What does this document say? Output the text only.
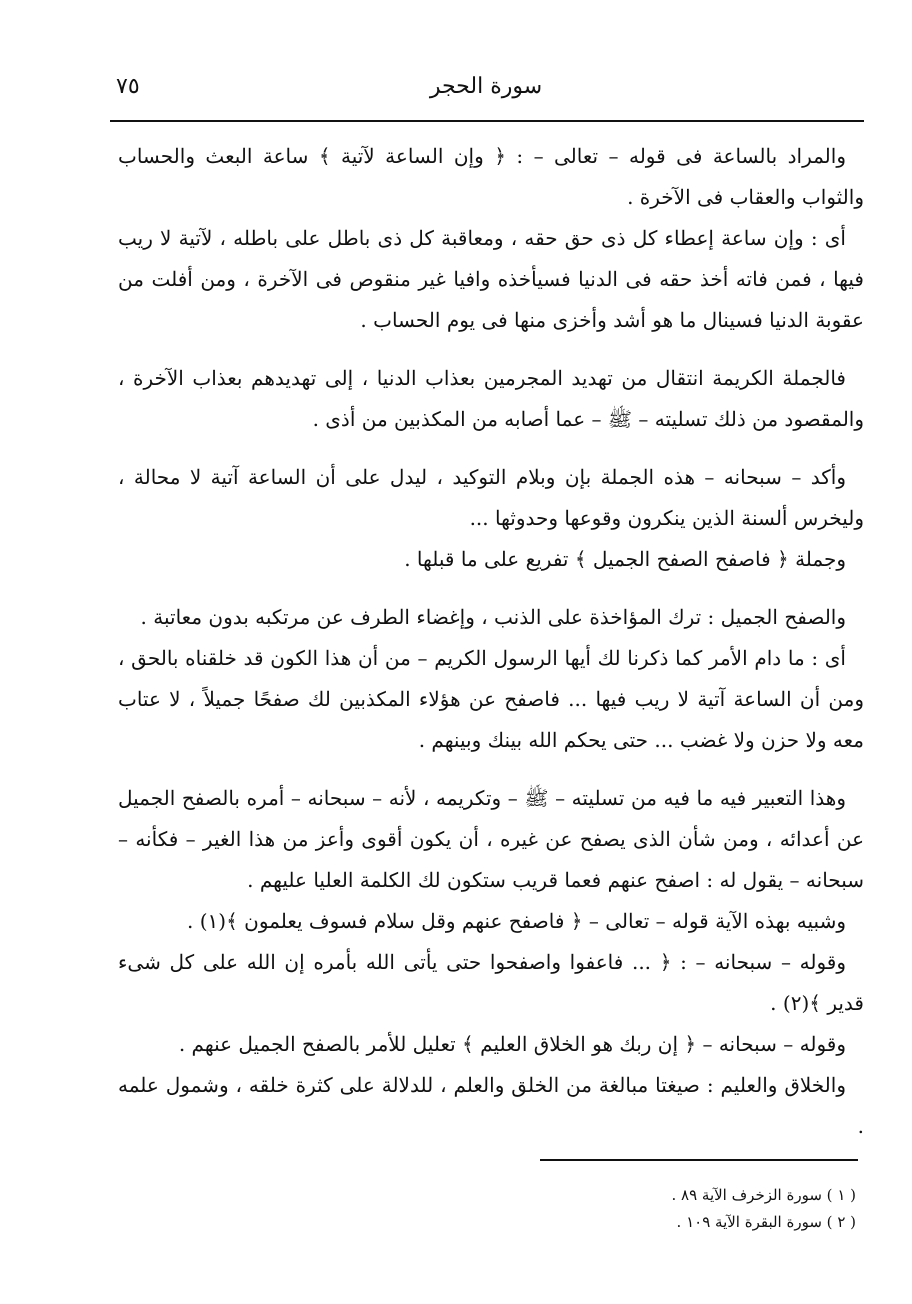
٧٥	سورة الحجر

والمراد بالساعة فى قوله – تعالى – : ﴿ وإن الساعة لآتية ﴾ ساعة البعث والحساب والثواب والعقاب فى الآخرة .

أى : وإن ساعة إعطاء كل ذى حق حقه ، ومعاقبة كل ذى باطل على باطله ، لآتية لا ريب فيها ، فمن فاته أخذ حقه فى الدنيا فسيأخذه وافيا غير منقوص فى الآخرة ، ومن أفلت من عقوبة الدنيا فسينال ما هو أشد وأخزى منها فى يوم الحساب .

فالجملة الكريمة انتقال من تهديد المجرمين بعذاب الدنيا ، إلى تهديدهم بعذاب الآخرة ، والمقصود من ذلك تسليته – ﷺ – عما أصابه من المكذبين من أذى .

وأكد – سبحانه – هذه الجملة بإن وبلام التوكيد ، ليدل على أن الساعة آتية لا محالة ، وليخرس ألسنة الذين ينكرون وقوعها وحدوثها ...

وجملة ﴿ فاصفح الصفح الجميل ﴾ تفريع على ما قبلها .

والصفح الجميل : ترك المؤاخذة على الذنب ، وإغضاء الطرف عن مرتكبه بدون معاتبة .

أى : ما دام الأمر كما ذكرنا لك أيها الرسول الكريم – من أن هذا الكون قد خلقناه بالحق ، ومن أن الساعة آتية لا ريب فيها ... فاصفح عن هؤلاء المكذبين لك صفحًا جميلاً ، لا عتاب معه ولا حزن ولا غضب ... حتى يحكم الله بينك وبينهم .

وهذا التعبير فيه ما فيه من تسليته – ﷺ – وتكريمه ، لأنه – سبحانه – أمره بالصفح الجميل عن أعدائه ، ومن شأن الذى يصفح عن غيره ، أن يكون أقوى وأعز من هذا الغير – فكأنه – سبحانه – يقول له : اصفح عنهم فعما قريب ستكون لك الكلمة العليا عليهم .

وشبيه بهذه الآية قوله – تعالى – ﴿ فاصفح عنهم وقل سلام فسوف يعلمون ﴾(١) .

وقوله – سبحانه – : ﴿ ... فاعفوا واصفحوا حتى يأتى الله بأمره إن الله على كل شىء قدير ﴾(٢) .

وقوله – سبحانه – ﴿ إن ربك هو الخلاق العليم ﴾ تعليل للأمر بالصفح الجميل عنهم .

والخلاق والعليم : صيغتا مبالغة من الخلق والعلم ، للدلالة على كثرة خلقه ، وشمول علمه .

( ١ ) سورة الزخرف الآية ٨٩ .

( ٢ ) سورة البقرة الآية ١٠٩ .
